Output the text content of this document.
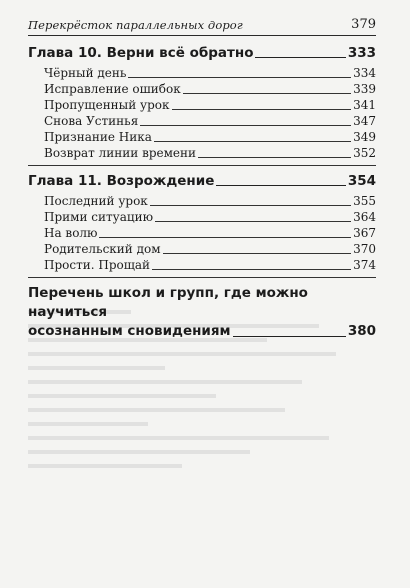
Перекрёсток параллельных дорог	379
Глава 10. Верни всё обратно	333
Чёрный день	334
Исправление ошибок	339
Пропущенный урок	341
Снова Устинья	347
Признание Ника	349
Возврат линии времени	352
Глава 11. Возрождение	354
Последний урок	355
Прими ситуацию	364
На волю	367
Родительский дом	370
Прости. Прощай	374
Перечень школ и групп, где можно научиться
осознанным сновидениям	380
